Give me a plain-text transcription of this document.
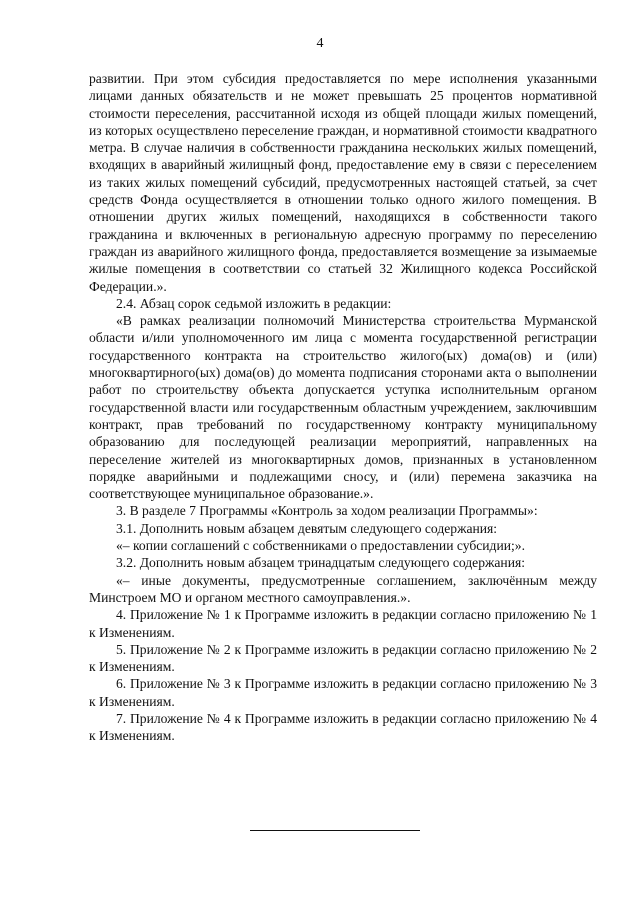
4

развитии. При этом субсидия предоставляется по мере исполнения указанными лицами данных обязательств и не может превышать 25 процентов нормативной стоимости переселения, рассчитанной исходя из общей площади жилых помещений, из которых осуществлено переселение граждан, и нормативной стоимости квадратного метра. В случае наличия в собственности гражданина нескольких жилых помещений, входящих в аварийный жилищный фонд, предоставление ему в связи с переселением из таких жилых помещений субсидий, предусмотренных настоящей статьей, за счет средств Фонда осуществляется в отношении только одного жилого помещения. В отношении других жилых помещений, находящихся в собственности такого гражданина и включенных в региональную адресную программу по переселению граждан из аварийного жилищного фонда, предоставляется возмещение за изымаемые жилые помещения в соответствии со статьей 32 Жилищного кодекса Российской Федерации.».

2.4. Абзац сорок седьмой изложить в редакции:

«В рамках реализации полномочий Министерства строительства Мурманской области и/или уполномоченного им лица с момента государственной регистрации государственного контракта на строительство жилого(ых) дома(ов) и (или) многоквартирного(ых) дома(ов) до момента подписания сторонами акта о выполнении работ по строительству объекта допускается уступка исполнительным органом государственной власти или государственным областным учреждением, заключившим контракт, прав требований по государственному контракту муниципальному образованию для последующей реализации мероприятий, направленных на переселение жителей из многоквартирных домов, признанных в установленном порядке аварийными и подлежащими сносу, и (или) перемена заказчика на соответствующее муниципальное образование.».

3. В разделе 7 Программы «Контроль за ходом реализации Программы»:

3.1. Дополнить новым абзацем девятым следующего содержания:

«– копии соглашений с собственниками о предоставлении субсидии;».

3.2. Дополнить новым абзацем тринадцатым следующего содержания:

«– иные документы, предусмотренные соглашением, заключённым между Минстроем МО и органом местного самоуправления.».

4. Приложение № 1 к Программе изложить в редакции согласно приложению № 1 к Изменениям.

5. Приложение № 2 к Программе изложить в редакции согласно приложению № 2 к Изменениям.

6. Приложение № 3 к Программе изложить в редакции согласно приложению № 3 к Изменениям.

7. Приложение № 4 к Программе изложить в редакции согласно приложению № 4 к Изменениям.
